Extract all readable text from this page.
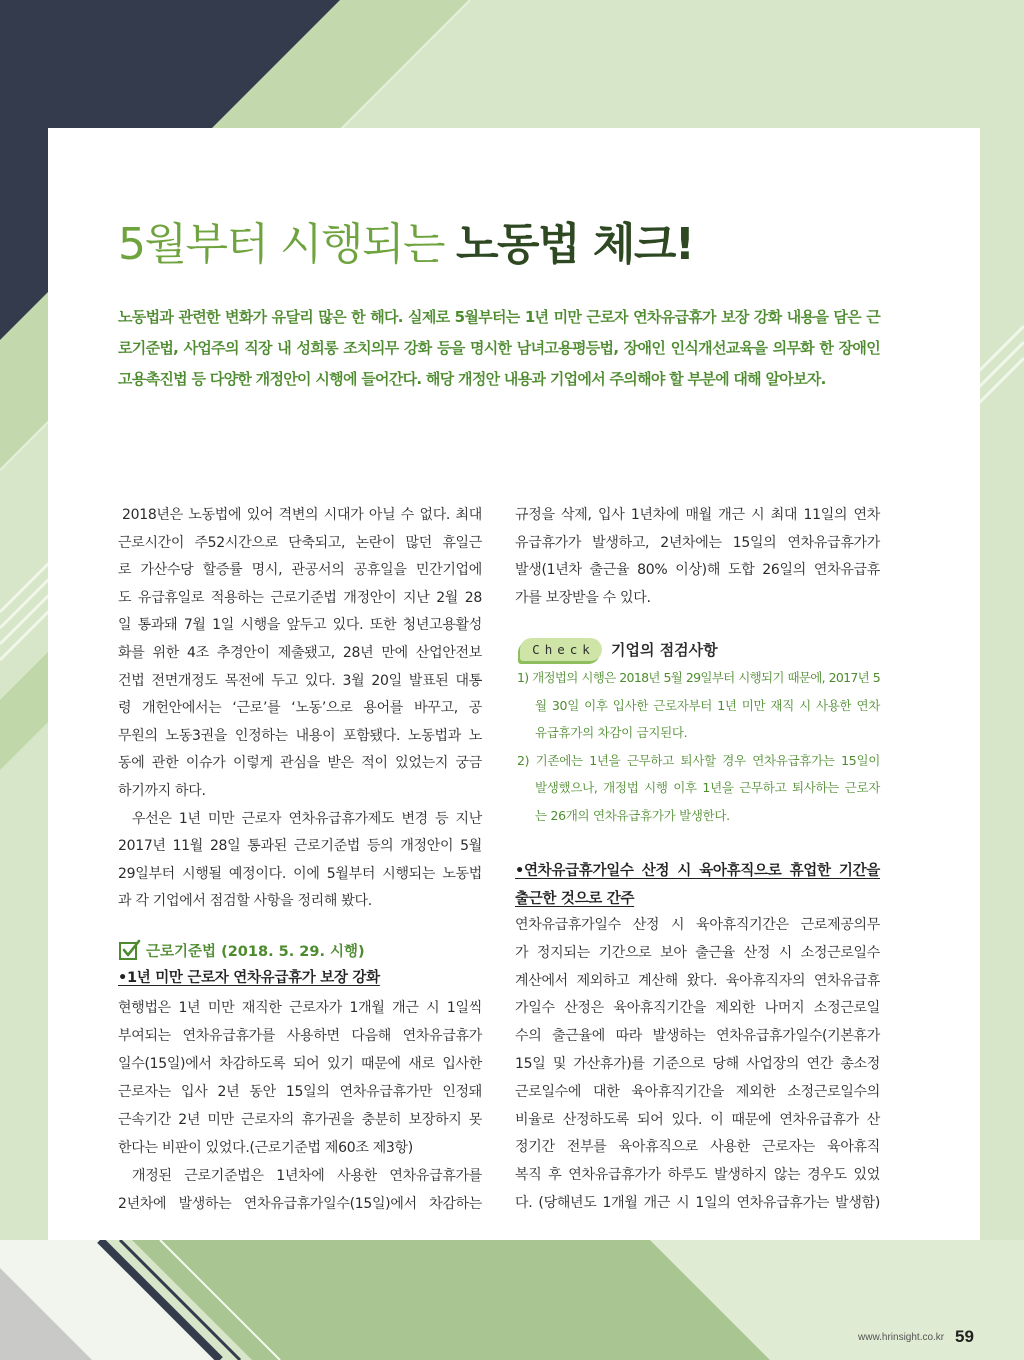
5월부터 시행되는 노동법 체크!
노동법과 관련한 변화가 유달리 많은 한 해다. 실제로 5월부터는 1년 미만 근로자 연차유급휴가 보장 강화 내용을 담은 근
로기준법, 사업주의 직장 내 성희롱 조치의무 강화 등을 명시한 남녀고용평등법, 장애인 인식개선교육을 의무화 한 장애인
고용촉진법 등 다양한 개정안이 시행에 들어간다. 해당 개정안 내용과 기업에서 주의해야 할 부분에 대해 알아보자.
2018년은 노동법에 있어 격변의 시대가 아닐 수 없다. 최대
근로시간이 주52시간으로 단축되고, 논란이 많던 휴일근
로 가산수당 할증률 명시, 관공서의 공휴일을 민간기업에
도 유급휴일로 적용하는 근로기준법 개정안이 지난 2월 28
일 통과돼 7월 1일 시행을 앞두고 있다. 또한 청년고용활성
화를 위한 4조 추경안이 제출됐고, 28년 만에 산업안전보
건법 전면개정도 목전에 두고 있다. 3월 20일 발표된 대통
령 개헌안에서는 ‘근로’를 ‘노동’으로 용어를 바꾸고, 공
무원의 노동3권을 인정하는 내용이 포함됐다. 노동법과 노
동에 관한 이슈가 이렇게 관심을 받은 적이 있었는지 궁금
하기까지 하다.
우선은 1년 미만 근로자 연차유급휴가제도 변경 등 지난
2017년 11월 28일 통과된 근로기준법 등의 개정안이 5월
29일부터 시행될 예정이다. 이에 5월부터 시행되는 노동법
과 각 기업에서 점검할 사항을 정리해 봤다.
근로기준법 (2018. 5. 29. 시행)
•1년 미만 근로자 연차유급휴가 보장 강화
현행법은 1년 미만 재직한 근로자가 1개월 개근 시 1일씩
부여되는 연차유급휴가를 사용하면 다음해 연차유급휴가
일수(15일)에서 차감하도록 되어 있기 때문에 새로 입사한
근로자는 입사 2년 동안 15일의 연차유급휴가만 인정돼
근속기간 2년 미만 근로자의 휴가권을 충분히 보장하지 못
한다는 비판이 있었다.(근로기준법 제60조 제3항)
개정된 근로기준법은 1년차에 사용한 연차유급휴가를
2년차에 발생하는 연차유급휴가일수(15일)에서 차감하는
규정을 삭제, 입사 1년차에 매월 개근 시 최대 11일의 연차
유급휴가가 발생하고, 2년차에는 15일의 연차유급휴가가
발생(1년차 출근율 80% 이상)해 도합 26일의 연차유급휴
가를 보장받을 수 있다.
Check	기업의 점검사항
1) 개정법의 시행은 2018년 5월 29일부터 시행되기 때문에, 2017년 5
월 30일 이후 입사한 근로자부터 1년 미만 재직 시 사용한 연차
유급휴가의 차감이 금지된다.
2) 기존에는 1년을 근무하고 퇴사할 경우 연차유급휴가는 15일이
발생했으나, 개정법 시행 이후 1년을 근무하고 퇴사하는 근로자
는 26개의 연차유급휴가가 발생한다.
•연차유급휴가일수 산정 시 육아휴직으로 휴업한 기간을
출근한 것으로 간주
연차유급휴가일수 산정 시 육아휴직기간은 근로제공의무
가 정지되는 기간으로 보아 출근율 산정 시 소정근로일수
계산에서 제외하고 계산해 왔다. 육아휴직자의 연차유급휴
가일수 산정은 육아휴직기간을 제외한 나머지 소정근로일
수의 출근율에 따라 발생하는 연차유급휴가일수(기본휴가
15일 및 가산휴가)를 기준으로 당해 사업장의 연간 총소정
근로일수에 대한 육아휴직기간을 제외한 소정근로일수의
비율로 산정하도록 되어 있다. 이 때문에 연차유급휴가 산
정기간 전부를 육아휴직으로 사용한 근로자는 육아휴직
복직 후 연차유급휴가가 하루도 발생하지 않는 경우도 있었
다. (당해년도 1개월 개근 시 1일의 연차유급휴가는 발생함)
www.hrinsight.co.kr 59
